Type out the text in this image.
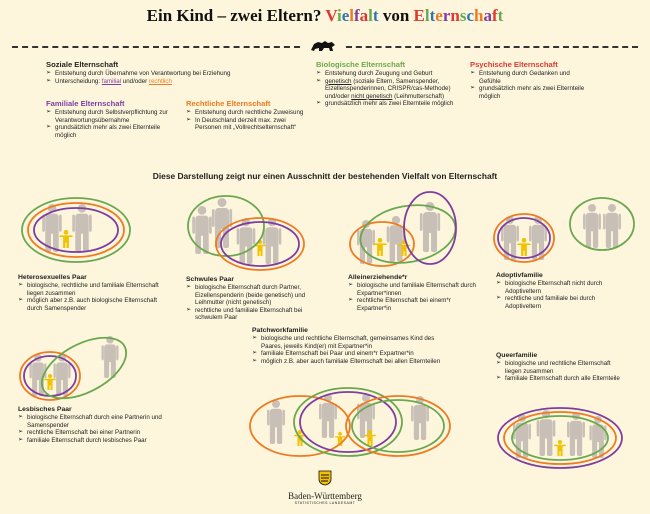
Ein Kind – zwei Eltern? Vielfalt von Elternschaft
Soziale Elternschaft
➢ Entstehung durch Übernahme von Verantwortung bei Erziehung
➢ Unterscheidung: familial und/oder rechtlich
Familiale Elternschaft
➢ Entstehung durch Selbstverpflichtung zur Verantwortungsübernahme
➢ grundsätzlich mehr als zwei Elternteile möglich
Rechtliche Elternschaft
➢ Entstehung durch rechtliche Zuweisung
➢ In Deutschland derzeit max. zwei Personen mit „Vollrechtselternschaft“
Biologische Elternschaft
➢ Entstehung durch Zeugung und Geburt
➢ genetisch (soziale Eltern, Samenspender, Eizellenspenderinnen, CRISPR/cas-Methode) und/oder nicht genetisch (Leihmutterschaft)
➢ grundsätzlich mehr als zwei Elternteile möglich
Psychische Elternschaft
➢ Entstehung durch Gedanken und Gefühle
➢ grundsätzlich mehr als zwei Elternteile möglich
Diese Darstellung zeigt nur einen Ausschnitt der bestehenden Vielfalt von Elternschaft
Heterosexuelles Paar
➢ biologische, rechtliche und familiale Elternschaft liegen zusammen
➢ möglich aber z.B. auch biologische Elternschaft durch Samenspender
Schwules Paar
➢ biologische Elternschaft durch Partner, Eizellenspenderin (beide genetisch) und Leihmutter (nicht genetisch)
➢ rechtliche und familiale Elternschaft bei schwulem Paar
Alleinerziehende*r
➢ biologische und familiale Elternschaft durch Expartner*innen
➢ rechtliche Elternschaft bei einem*r Expartner*in
Adoptivfamilie
➢ biologische Elternschaft nicht durch Adoptiveltern
➢ rechtliche und familiale bei durch Adoptiveltern
Lesbisches Paar
➢ biologische Elternschaft durch eine Partnerin und Samenspender
➢ rechtliche Elternschaft bei einer Partnerin
➢ familiale Elternschaft durch lesbisches Paar
Patchworkfamilie
➢ biologische und rechtliche Elternschaft, gemeinsames Kind des Paares, jeweils Kind(er) mit Expartner*in
➢ familiale Elternschaft bei Paar und einem*r Expartner*in
➢ möglich z.B. aber auch familiale Elternschaft bei allen Elternteilen
Queerfamilie
➢ biologische und rechtliche Elternschaft liegen zusammen
➢ familiale Elternschaft durch alle Elternteile
Baden-Württemberg
STATISTISCHES LANDESAMT
